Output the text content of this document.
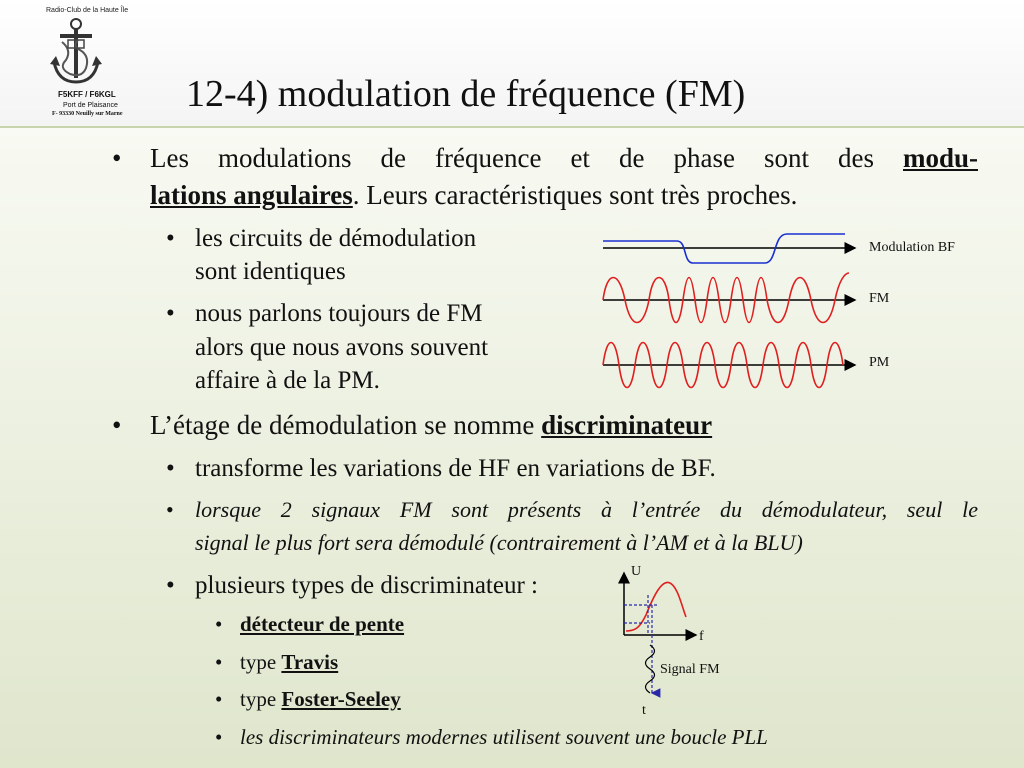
Radio-Club de la Haute Île
F5KFF / F6KGL
Port de Plaisance
F- 93330 Neuilly sur Marne 12-4) modulation de fréquence (FM)
• Les modulations de fréquence et de phase sont des modu-
lations angulaires. Leurs caractéristiques sont très proches.
• les circuits de démodulation
sont identiques
• nous parlons toujours de FM
alors que nous avons souvent
affaire à de la PM.
Modulation BF
FM
PM
• L’étage de démodulation se nomme discriminateur
• transforme les variations de HF en variations de BF.
• lorsque 2 signaux FM sont présents à l’entrée du démodulateur, seul le
signal le plus fort sera démodulé (contrairement à l’AM et à la BLU)
• plusieurs types de discriminateur :
• détecteur de pente
• type Travis
• type Foster-Seeley
• les discriminateurs modernes utilisent souvent une boucle PLL
U
f
t
Signal FM
